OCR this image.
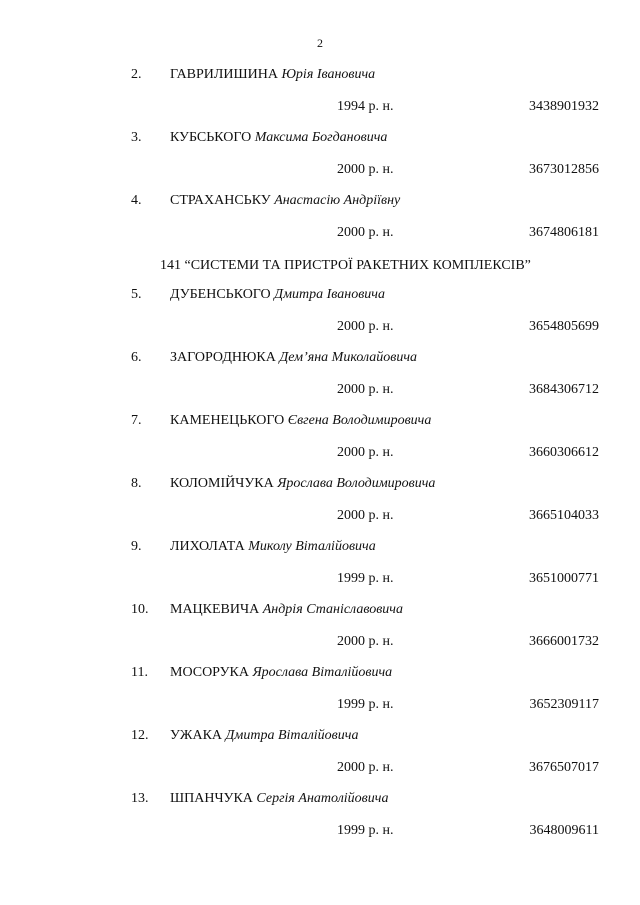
2
2. ГАВРИЛИШИНА Юрія Івановича
1994 р. н.	3438901932
3. КУБСЬКОГО Максима Богдановича
2000 р. н.	3673012856
4. СТРАХАНСЬКУ Анастасію Андріївну
2000 р. н.	3674806181
141 “СИСТЕМИ ТА ПРИСТРОЇ РАКЕТНИХ КОМПЛЕКСІВ”
5. ДУБЕНСЬКОГО Дмитра Івановича
2000 р. н.	3654805699
6. ЗАГОРОДНЮКА Дем’яна Миколайовича
2000 р. н.	3684306712
7. КАМЕНЕЦЬКОГО Євгена Володимировича
2000 р. н.	3660306612
8. КОЛОМІЙЧУКА Ярослава Володимировича
2000 р. н.	3665104033
9. ЛИХОЛАТА Миколу Віталійовича
1999 р. н.	3651000771
10. МАЦКЕВИЧА Андрія Станіславовича
2000 р. н.	3666001732
11. МОСОРУКА Ярослава Віталійовича
1999 р. н.	3652309117
12. УЖАКА Дмитра Віталійовича
2000 р. н.	3676507017
13. ШПАНЧУКА Сергія Анатолійовича
1999 р. н.	3648009611
